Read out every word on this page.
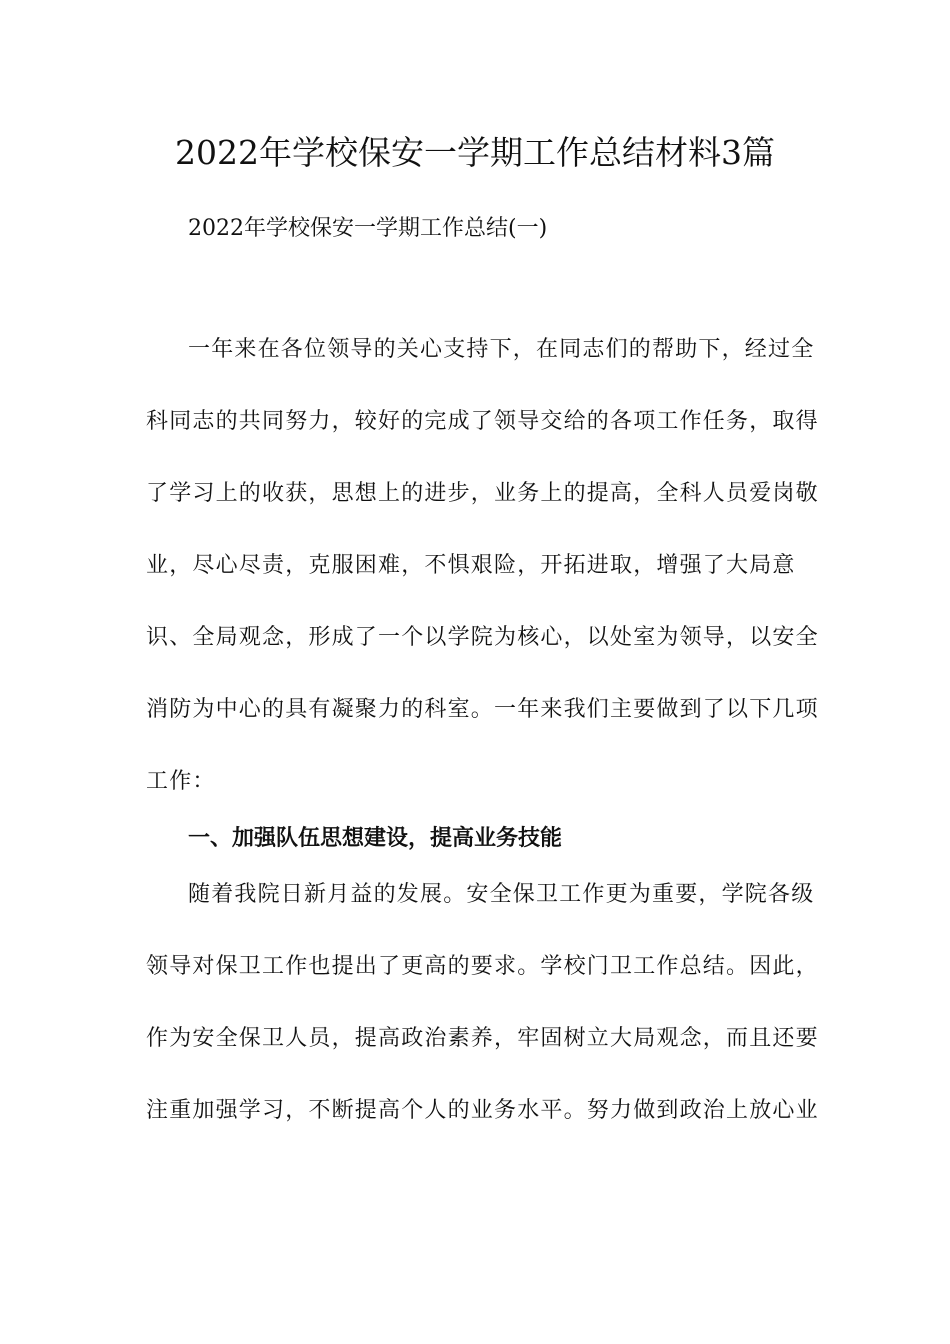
2022年学校保安一学期工作总结材料3篇

2022年学校保安一学期工作总结(一)

一年来在各位领导的关心支持下，在同志们的帮助下，经过全

科同志的共同努力，较好的完成了领导交给的各项工作任务，取得

了学习上的收获，思想上的进步，业务上的提高，全科人员爱岗敬

业，尽心尽责，克服困难，不惧艰险，开拓进取，增强了大局意

识、全局观念，形成了一个以学院为核心，以处室为领导，以安全

消防为中心的具有凝聚力的科室。一年来我们主要做到了以下几项

工作：

一、加强队伍思想建设，提高业务技能

随着我院日新月益的发展。安全保卫工作更为重要，学院各级

领导对保卫工作也提出了更高的要求。学校门卫工作总结。因此，

作为安全保卫人员，提高政治素养，牢固树立大局观念，而且还要

注重加强学习，不断提高个人的业务水平。努力做到政治上放心业
